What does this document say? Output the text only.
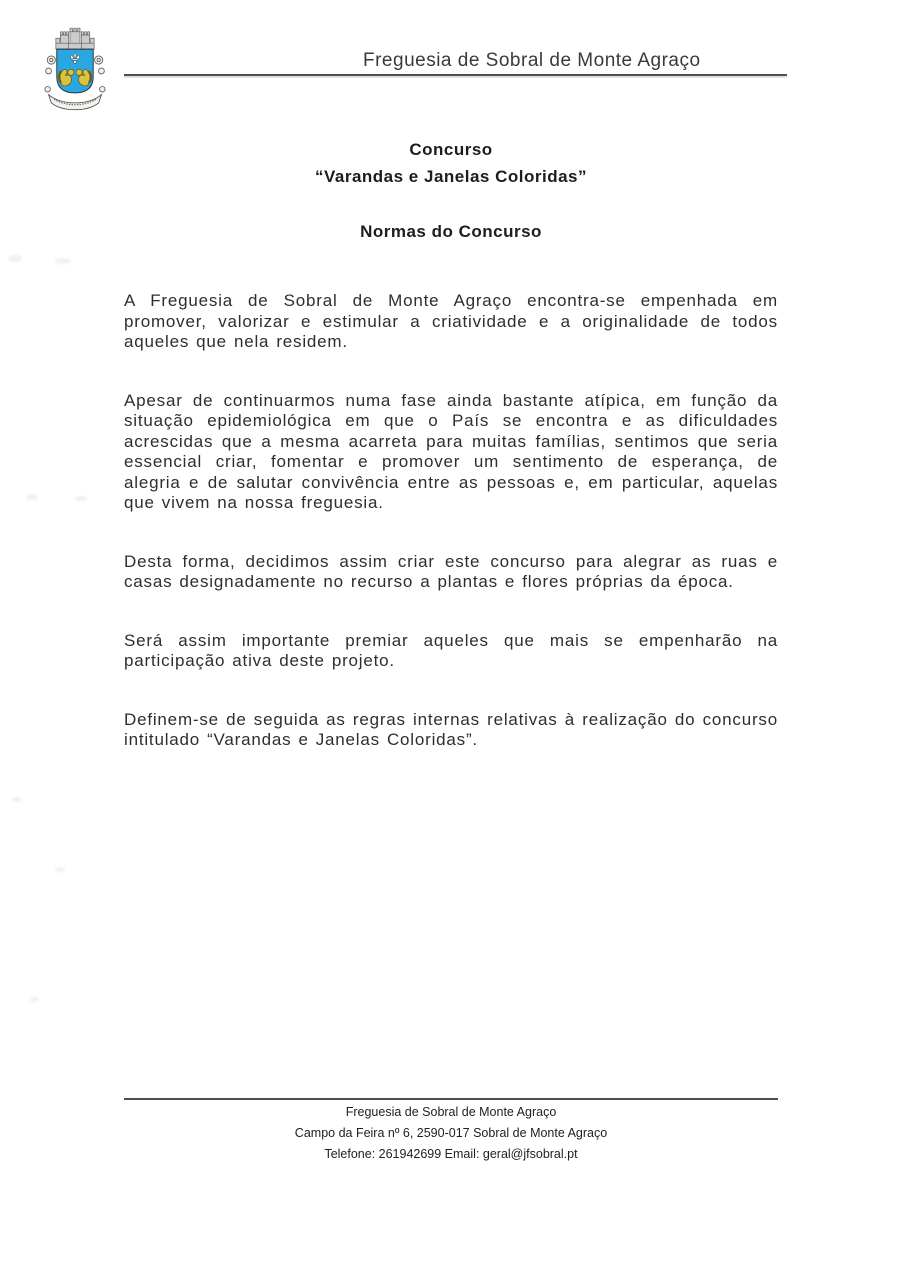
Freguesia de Sobral de Monte Agraço
Concurso
“Varandas e Janelas Coloridas”
Normas do Concurso

A Freguesia de Sobral de Monte Agraço encontra-se empenhada em promover, valorizar e estimular a criatividade e a originalidade de todos aqueles que nela residem.

Apesar de continuarmos numa fase ainda bastante atípica, em função da situação epidemiológica em que o País se encontra e as dificuldades acrescidas que a mesma acarreta para muitas famílias, sentimos que seria essencial criar, fomentar e promover um sentimento de esperança, de alegria e de salutar convivência entre as pessoas e, em particular, aquelas que vivem na nossa freguesia.

Desta forma, decidimos assim criar este concurso para alegrar as ruas e casas designadamente no recurso a plantas e flores próprias da época.

Será assim importante premiar aqueles que mais se empenharão na participação ativa deste projeto.

Definem-se de seguida as regras internas relativas à realização do concurso intitulado “Varandas e Janelas Coloridas”.

Freguesia de Sobral de Monte Agraço
Campo da Feira nº 6, 2590-017 Sobral de Monte Agraço
Telefone: 261942699 Email: geral@jfsobral.pt
